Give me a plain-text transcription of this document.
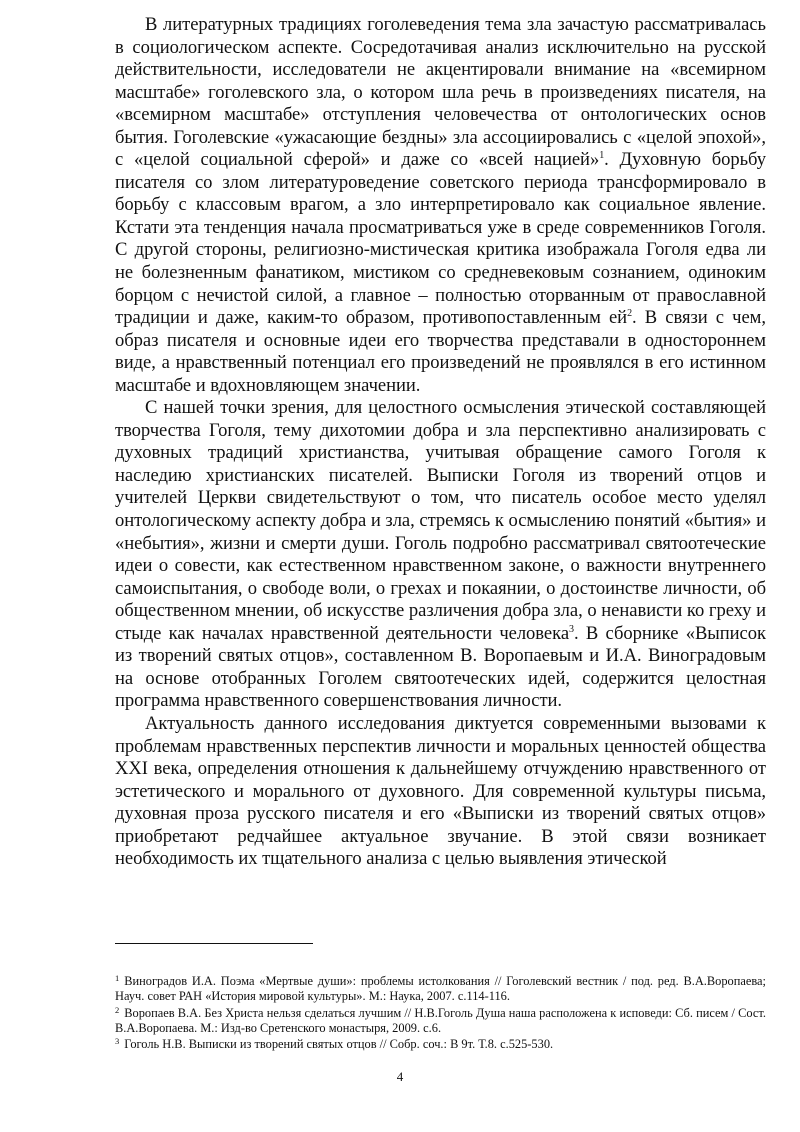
В литературных традициях гоголеведения тема зла зачастую рассматривалась в социологическом аспекте. Сосредотачивая анализ исключительно на русской действительности, исследователи не акцентировали внимание на «всемирном масштабе» гоголевского зла, о котором шла речь в произведениях писателя, на «всемирном масштабе» отступления человечества от онтологических основ бытия. Гоголевские «ужасающие бездны» зла ассоциировались с «целой эпохой», с «целой социальной сферой» и даже со «всей нацией»$^1$. Духовную борьбу писателя со злом литературоведение советского периода трансформировало в борьбу с классовым врагом, а зло интерпретировало как социальное явление. Кстати эта тенденция начала просматриваться уже в среде современников Гоголя. С другой стороны, религиозно-мистическая критика изображала Гоголя едва ли не болезненным фанатиком, мистиком со средневековым сознанием, одиноким борцом с нечистой силой, а главное – полностью оторванным от православной традиции и даже, каким-то образом, противопоставленным $ей^2$. В связи с чем, образ писателя и основные идеи его творчества представали в одностороннем виде, а нравственный потенциал его произведений не проявлялся в его истинном масштабе и вдохновляющем значении.

С нашей точки зрения, для целостного осмысления этической составляющей творчества Гоголя, тему дихотомии добра и зла перспективно анализировать с духовных традиций христианства, учитывая обращение самого Гоголя к наследию христианских писателей. Выписки Гоголя из творений отцов и учителей Церкви свидетельствуют о том, что писатель особое место уделял онтологическому аспекту добра и зла, стремясь к осмыслению понятий «бытия» и «небытия», жизни и смерти души. Гоголь подробно рассматривал святоотеческие идеи о совести, как естественном нравственном законе, о важности внутреннего самоиспытания, о свободе воли, о грехах и покаянии, о достоинстве личности, об общественном мнении, об искусстве различения добра зла, о ненависти ко греху и стыде как началах нравственной деятельности человека$^3$. В сборнике «Выписок из творений святых отцов», составленном В. Воропаевым и И.А. Виноградовым на основе отобранных Гоголем святоотеческих идей, содержится целостная программа нравственного совершенствования личности.

Актуальность данного исследования диктуется современными вызовами к проблемам нравственных перспектив личности и моральных ценностей общества XXI века, определения отношения к дальнейшему отчуждению нравственного от эстетического и морального от духовного. Для современной культуры письма, духовная проза русского писателя и его «Выписки из творений святых отцов» приобретают редчайшее актуальное звучание. В этой связи возникает необходимость их тщательного анализа с целью выявления этической

$^1$ Виноградов И.А. Поэма «Мертвые души»: проблемы истолкования // Гоголевский вестник / под. ред. В.А.Воропаева; Науч. совет РАН «История мировой культуры». М.: Наука, 2007. с.114-116.

$^2$ Воропаев В.А. Без Христа нельзя сделаться лучшим // Н.В.Гоголь Душа наша расположена к исповеди: Сб. писем / Сост. В.А.Воропаева. М.: Изд-во Сретенского монастыря, 2009. с.6.

$^3$ Гоголь Н.В. Выписки из творений святых отцов // Собр. соч.: В 9т. Т.8. с.525-530.

4
